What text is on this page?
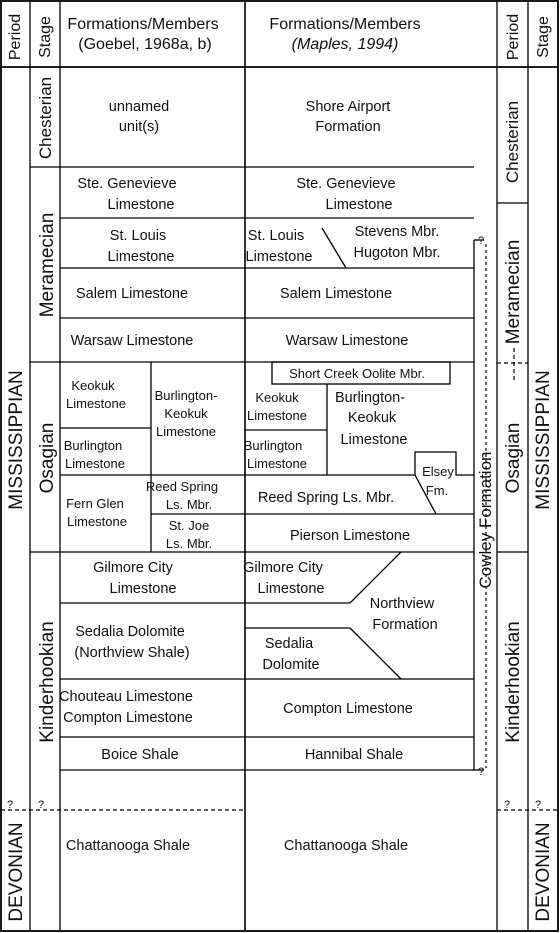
Period Stage Formations/Members
(Goebel, 1968a, b)
Formations/Members
(Maples, 1994)	Period Stage
MISSISSIPPIAN
DEVONIAN
Chesterian
Meramecian
Osagian
Kinderhookian
Chesterian
Meramecian
Osagian
Kinderhookian
MISSISSIPPIAN
DEVONIAN
Cowley Formation
? ?	? ?
?
?
unnamed
unit(s)
Ste. Genevieve
Limestone
St. Louis
Limestone
Salem Limestone
Warsaw Limestone
Keokuk
Limestone
Burlington
Limestone
Burlington-
Keokuk
Limestone
Fern Glen
Limestone
Reed Spring
Ls. Mbr.
St. Joe
Ls. Mbr.
Gilmore City
Limestone
Sedalia Dolomite
(Northview Shale)
Chouteau Limestone
Compton Limestone
Boice Shale
Chattanooga Shale
Shore Airport
Formation
Ste. Genevieve
Limestone
St. Louis
Limestone
Stevens Mbr.
Hugoton Mbr.
Salem Limestone
Warsaw Limestone
Short Creek Oolite Mbr.
Keokuk
Limestone
Burlington
Limestone
Burlington-
Keokuk
Limestone
Elsey
Fm.
Reed Spring Ls. Mbr.
Pierson Limestone
Gilmore City
Limestone
Northview
Formation
Sedalia
Dolomite
Compton Limestone
Hannibal Shale
Chattanooga Shale
